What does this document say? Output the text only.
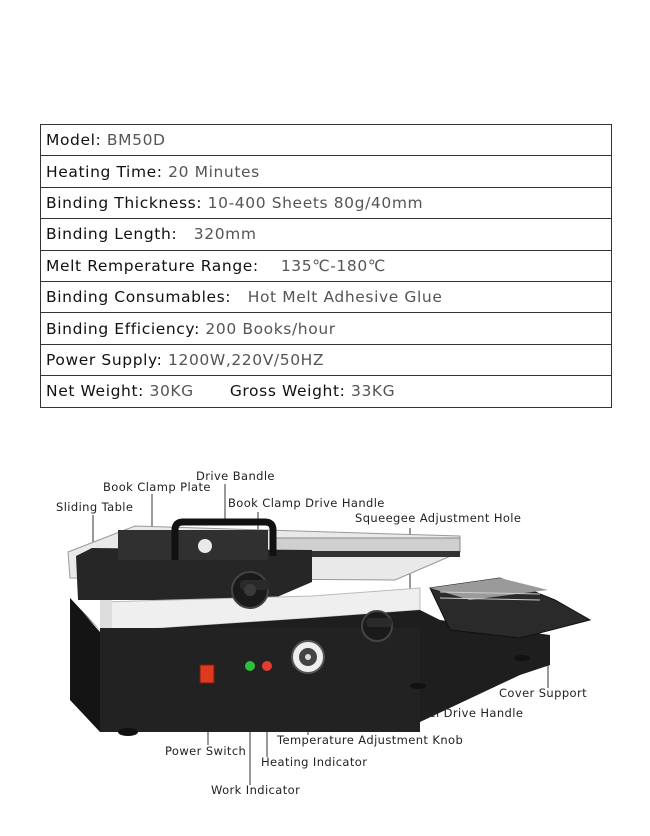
Model:
BM50D
Heating Time:
20 Minutes
Binding Thickness:
10-400 Sheets 80g/40mm
Binding Length:
320mm
Melt Remperature Range:
135℃-180℃
Binding Consumables:
Hot Melt Adhesive Glue
Binding Efficiency:
200 Books/hour
Power Supply:
1200W,220V/50HZ
Net Weight:
30KG Gross Weight:
33KG
Drive Bandle
Book Clamp Plate
Book Clamp Drive Handle
Sliding Table
Squeegee Adjustment Hole
Cover Support
Separation Wheel Drive Handle
Power Switch
Temperature Adjustment Knob
Heating Indicator
Work Indicator
